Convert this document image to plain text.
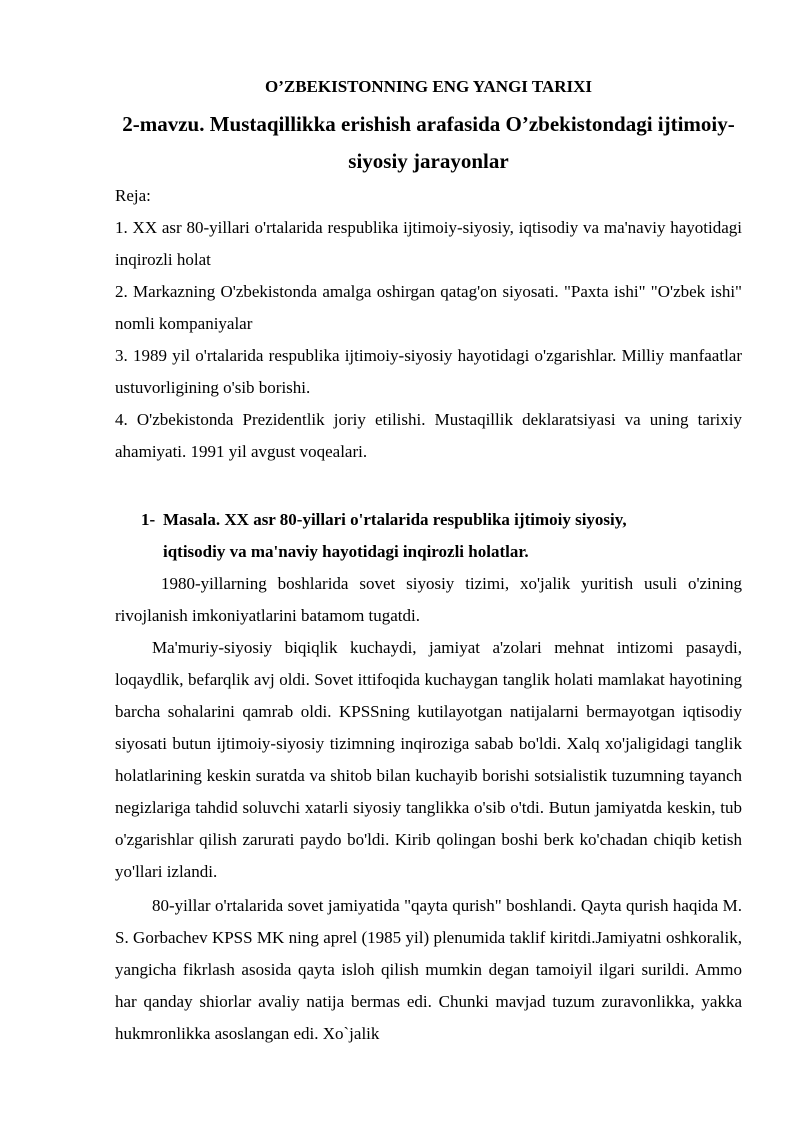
O’ZBEKISTONNING ENG YANGI TARIXI
2-mavzu. Mustaqillikka erishish arafasida O’zbekistondagi ijtimoiy-siyosiy jarayonlar
Reja:
1. XX asr 80-yillari o'rtalarida respublika ijtimoiy-siyosiy, iqtisodiy va ma'naviy hayotidagi inqirozli holat
2. Markazning O'zbekistonda amalga oshirgan qatag'on siyosati. "Paxta ishi" "O'zbek ishi" nomli kompaniyalar
3. 1989 yil o'rtalarida respublika ijtimoiy-siyosiy hayotidagi o'zgarishlar. Milliy manfaatlar ustuvorligining o'sib borishi.
4. O'zbekistonda Prezidentlik joriy etilishi. Mustaqillik deklaratsiyasi va uning tarixiy ahamiyati. 1991 yil avgust voqealari.
1- Masala. XX asr 80-yillari o'rtalarida respublika ijtimoiy siyosiy,
iqtisodiy va ma'naviy hayotidagi inqirozli holatlar.
1980-yillarning boshlarida sovet siyosiy tizimi, xo'jalik yuritish usuli o'zining rivojlanish imkoniyatlarini batamom tugatdi.
Ma'muriy-siyosiy biqiqlik kuchaydi, jamiyat a'zolari mehnat intizomi pasaydi, loqaydlik, befarqlik avj oldi. Sovet ittifoqida kuchaygan tanglik holati mamlakat hayotining barcha sohalarini qamrab oldi. KPSSning kutilayotgan natijalarni bermayotgan iqtisodiy siyosati butun ijtimoiy-siyosiy tizimning inqiroziga sabab bo'ldi. Xalq xo'jaligidagi tanglik holatlarining keskin suratda va shitob bilan kuchayib borishi sotsialistik tuzumning tayanch negizlariga tahdid soluvchi xatarli siyosiy tanglikka o'sib o'tdi. Butun jamiyatda keskin, tub o'zgarishlar qilish zarurati paydo bo'ldi. Kirib qolingan boshi berk ko'chadan chiqib ketish yo'llari izlandi.
80-yillar o'rtalarida sovet jamiyatida "qayta qurish" boshlandi. Qayta qurish haqida M. S. Gorbachev KPSS MK ning aprel (1985 yil) plenumida taklif kiritdi.Jamiyatni oshkoralik, yangicha fikrlash asosida qayta isloh qilish mumkin degan tamoiyil ilgari surildi. Ammo har qanday shiorlar avaliy natija bermas edi. Chunki mavjad tuzum zuravonlikka, yakka hukmronlikka asoslangan edi. Xo`jalik
